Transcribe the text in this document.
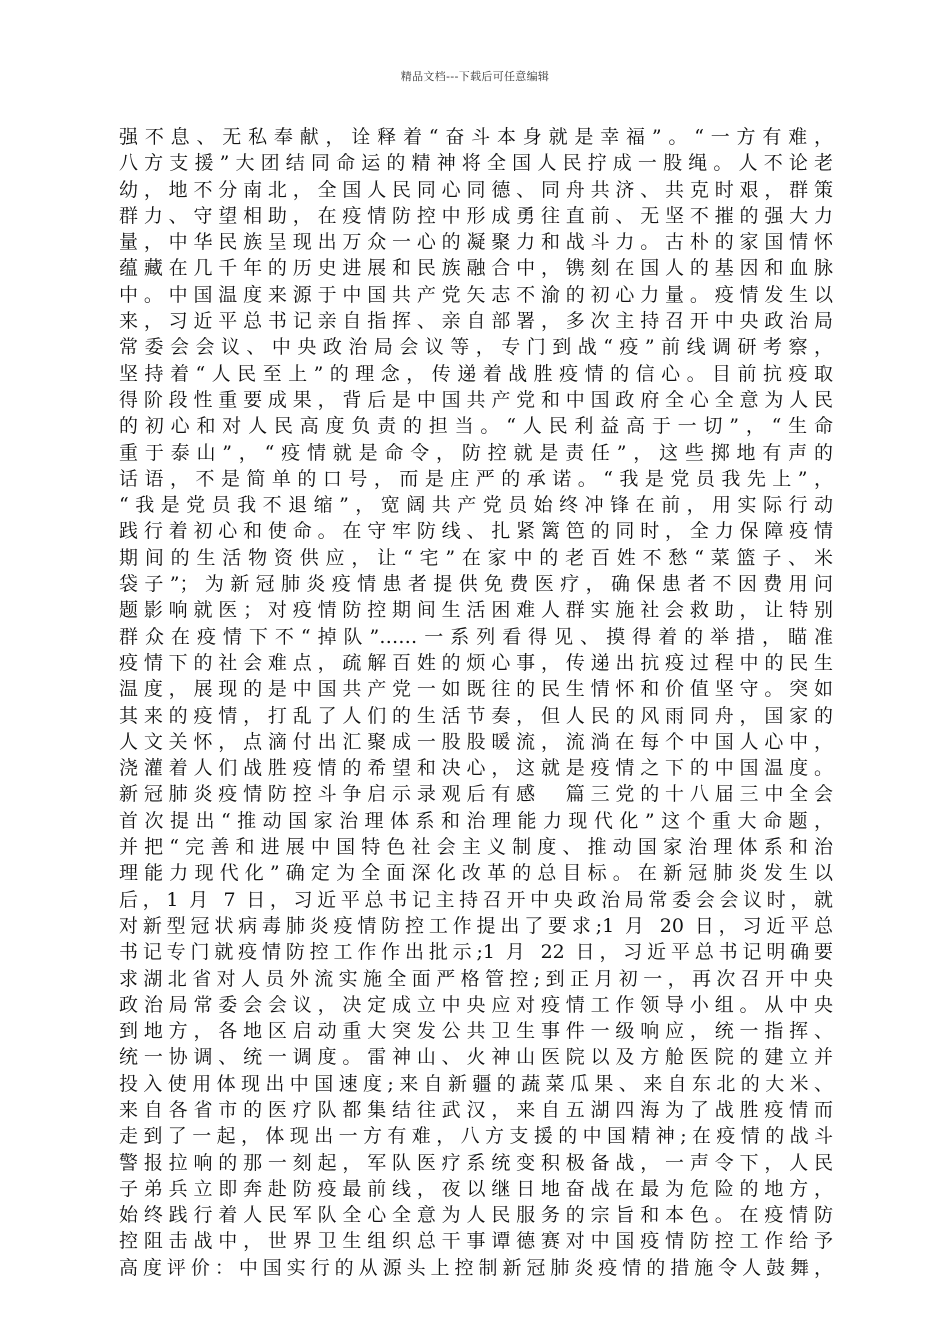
精品文档---下载后可任意编辑
强不息、无私奉献，诠释着“奋斗本身就是幸福”。“一方有难，
八方支援”大团结同命运的精神将全国人民拧成一股绳。人不论老
幼，地不分南北，全国人民同心同德、同舟共济、共克时艰，群策
群力、守望相助，在疫情防控中形成勇往直前、无坚不摧的强大力
量，中华民族呈现出万众一心的凝聚力和战斗力。古朴的家国情怀
蕴藏在几千年的历史进展和民族融合中，镌刻在国人的基因和血脉
中。中国温度来源于中国共产党矢志不渝的初心力量。疫情发生以
来，习近平总书记亲自指挥、亲自部署，多次主持召开中央政治局
常委会会议、中央政治局会议等，专门到战“疫”前线调研考察，
坚持着“人民至上”的理念，传递着战胜疫情的信心。目前抗疫取
得阶段性重要成果，背后是中国共产党和中国政府全心全意为人民
的初心和对人民高度负责的担当。“人民利益高于一切”，“生命
重于泰山”，“疫情就是命令，防控就是责任”，这些掷地有声的
话语，不是简单的口号，而是庄严的承诺。“我是党员我先上”，
“我是党员我不退缩”，宽阔共产党员始终冲锋在前，用实际行动
践行着初心和使命。在守牢防线、扎紧篱笆的同时，全力保障疫情
期间的生活物资供应，让“宅”在家中的老百姓不愁“菜篮子、米
袋子”；为新冠肺炎疫情患者提供免费医疗，确保患者不因费用问
题影响就医；对疫情防控期间生活困难人群实施社会救助，让特别
群众在疫情下不“掉队”……一系列看得见、摸得着的举措，瞄准
疫情下的社会难点，疏解百姓的烦心事，传递出抗疫过程中的民生
温度，展现的是中国共产党一如既往的民生情怀和价值坚守。突如
其来的疫情，打乱了人们的生活节奏，但人民的风雨同舟，国家的
人文关怀，点滴付出汇聚成一股股暖流，流淌在每个中国人心中，
浇灌着人们战胜疫情的希望和决心，这就是疫情之下的中国温度。
新冠肺炎疫情防控斗争启示录观后有感　篇三党的十八届三中全会
首次提出“推动国家治理体系和治理能力现代化”这个重大命题，
并把“完善和进展中国特色社会主义制度、推动国家治理体系和治
理能力现代化”确定为全面深化改革的总目标。在新冠肺炎发生以
后，1 月 7 日，习近平总书记主持召开中央政治局常委会会议时，就
对新型冠状病毒肺炎疫情防控工作提出了要求;1 月 20 日，习近平总
书记专门就疫情防控工作作出批示;1 月 22 日，习近平总书记明确要
求湖北省对人员外流实施全面严格管控;到正月初一，再次召开中央
政治局常委会会议，决定成立中央应对疫情工作领导小组。从中央
到地方，各地区启动重大突发公共卫生事件一级响应，统一指挥、
统一协调、统一调度。雷神山、火神山医院以及方舱医院的建立并
投入使用体现出中国速度;来自新疆的蔬菜瓜果、来自东北的大米、
来自各省市的医疗队都集结往武汉，来自五湖四海为了战胜疫情而
走到了一起，体现出一方有难，八方支援的中国精神;在疫情的战斗
警报拉响的那一刻起，军队医疗系统变积极备战，一声令下，人民
子弟兵立即奔赴防疫最前线，夜以继日地奋战在最为危险的地方，
始终践行着人民军队全心全意为人民服务的宗旨和本色。在疫情防
控阻击战中，世界卫生组织总干事谭德赛对中国疫情防控工作给予
高度评价：中国实行的从源头上控制新冠肺炎疫情的措施令人鼓舞，
